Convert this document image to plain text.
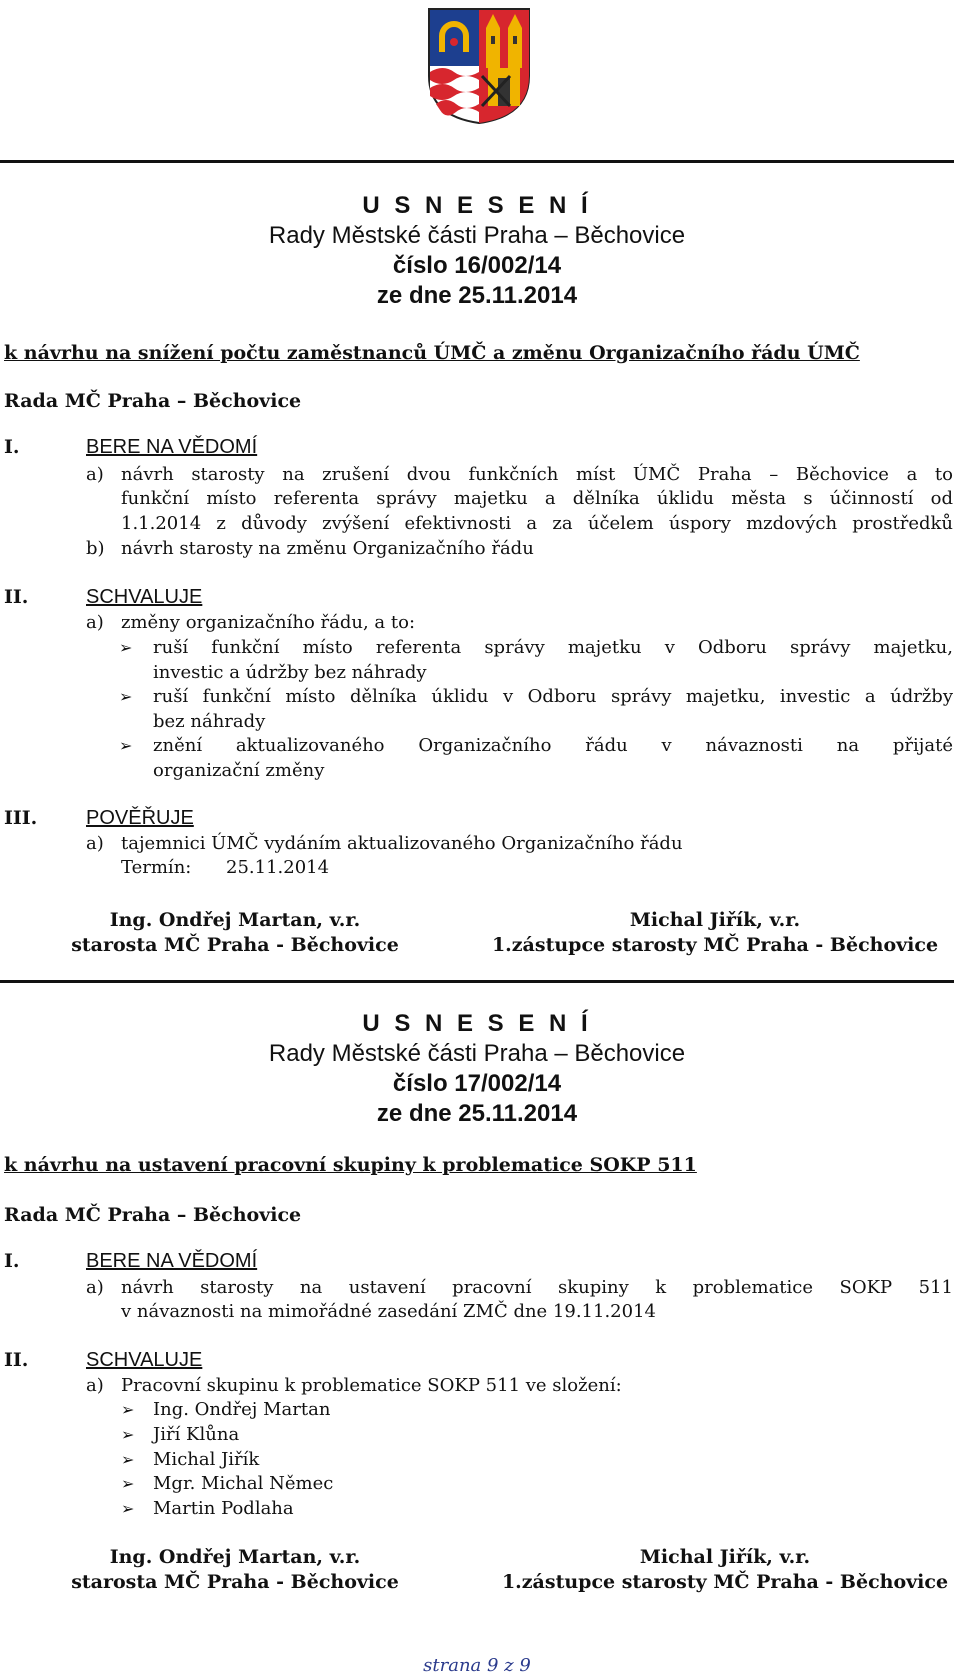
U S N E S E N Í
Rady Městské části Praha – Běchovice
číslo 16/002/14
ze dne 25.11.2014
k návrhu na snížení počtu zaměstnanců ÚMČ a změnu Organizačního řádu ÚMČ
Rada MČ Praha – Běchovice
I.	BERE NA VĚDOMÍ
a) návrh starosty na zrušení dvou funkčních míst ÚMČ Praha – Běchovice a to
funkční místo referenta správy majetku a dělníka úklidu města s účinností od
1.1.2014 z důvody zvýšení efektivnosti a za účelem úspory mzdových prostředků
b) návrh starosty na změnu Organizačního řádu
II.	SCHVALUJE
a) změny organizačního řádu, a to:
➢ ruší funkční místo referenta správy majetku v Odboru správy majetku,
investic a údržby bez náhrady
➢ ruší funkční místo dělníka úklidu v Odboru správy majetku, investic a údržby
bez náhrady
➢ znění aktualizovaného Organizačního řádu v návaznosti na přijaté
organizační změny
III. POVĚŘUJE
a) tajemnici ÚMČ vydáním aktualizovaného Organizačního řádu
Termín: 25.11.2014
Ing. Ondřej Martan, v.r.
starosta MČ Praha - Běchovice
Michal Jiřík, v.r.
1.zástupce starosty MČ Praha - Běchovice
U S N E S E N Í
Rady Městské části Praha – Běchovice
číslo 17/002/14
ze dne 25.11.2014
k návrhu na ustavení pracovní skupiny k problematice SOKP 511
Rada MČ Praha – Běchovice
I.	BERE NA VĚDOMÍ
a) návrh starosty na ustavení pracovní skupiny k problematice SOKP 511
v návaznosti na mimořádné zasedání ZMČ dne 19.11.2014
II.	SCHVALUJE
a) Pracovní skupinu k problematice SOKP 511 ve složení:
➢ Ing. Ondřej Martan
➢ Jiří Klůna
➢ Michal Jiřík
➢ Mgr. Michal Němec
➢ Martin Podlaha
Ing. Ondřej Martan, v.r.
starosta MČ Praha - Běchovice
Michal Jiřík, v.r.
1.zástupce starosty MČ Praha - Běchovice
strana 9 z 9
